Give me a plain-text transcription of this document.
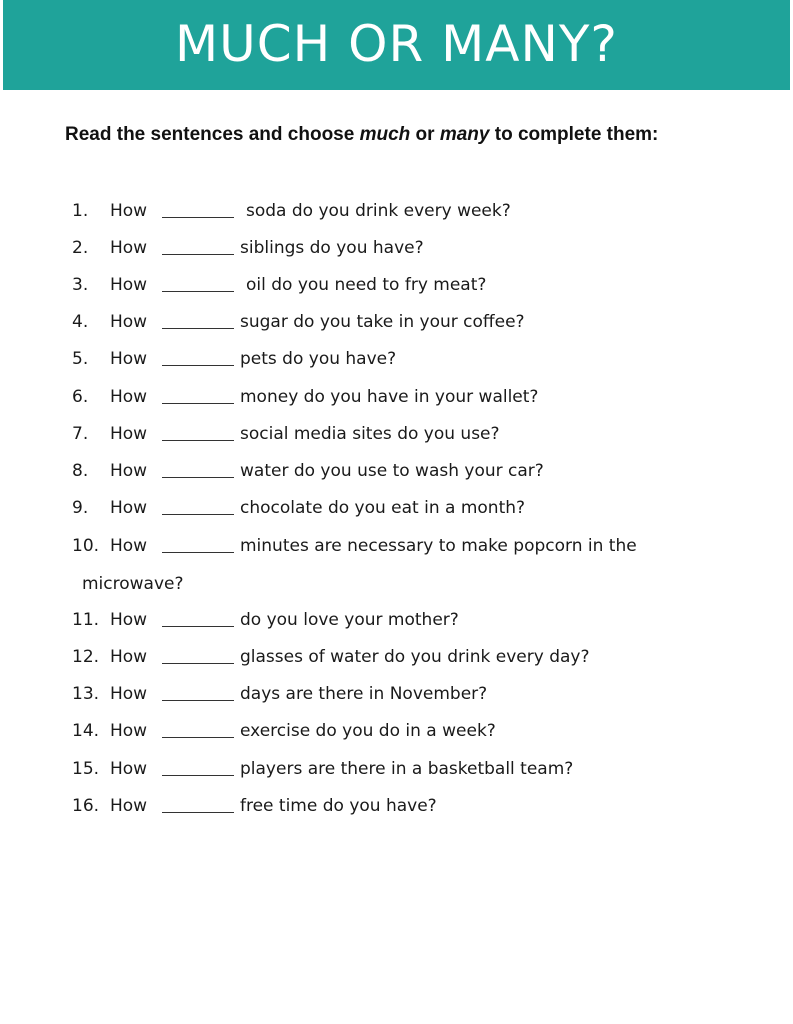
MUCH OR MANY?
Read the sentences and choose much or many to complete them:
1. How	soda do you drink every week?
2. How	siblings do you have?
3. How	oil do you need to fry meat?
4. How	sugar do you take in your coffee?
5. How	pets do you have?
6. How	money do you have in your wallet?
7. How	social media sites do you use?
8. How	water do you use to wash your car?
9. How	chocolate do you eat in a month?
10. How	minutes are necessary to make popcorn in the
microwave?
11. How	do you love your mother?
12. How	glasses of water do you drink every day?
13. How	days are there in November?
14. How	exercise do you do in a week?
15. How	players are there in a basketball team?
16. How	free time do you have?
